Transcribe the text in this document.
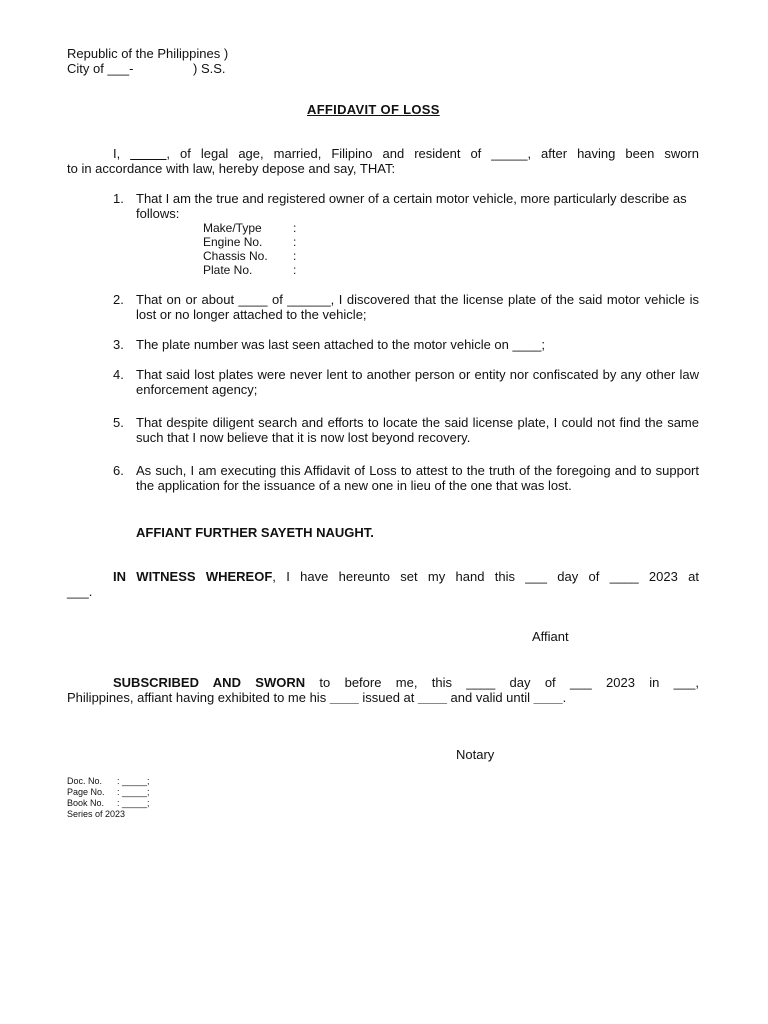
Republic of the Philippines )
City of ___-	) S.S.
AFFIDAVIT OF LOSS
I, _____, of legal age, married, Filipino and resident of _____, after having been sworn
to in accordance with law, hereby depose and say, THAT:
1. That I am the true and registered owner of a certain motor vehicle, more particularly describe as follows:
Make/Type	:
Engine No.	:
Chassis No. :
Plate No.	:
2. That on or about ____ of ______, I discovered that the license plate of the said motor vehicle is lost or no longer attached to the vehicle;
3. The plate number was last seen attached to the motor vehicle on ____;
4. That said lost plates were never lent to another person or entity nor confiscated by any other law enforcement agency;
5. That despite diligent search and efforts to locate the said license plate, I could not find the same such that I now believe that it is now lost beyond recovery.
6. As such, I am executing this Affidavit of Loss to attest to the truth of the foregoing and to support the application for the issuance of a new one in lieu of the one that was lost.
AFFIANT FURTHER SAYETH NAUGHT.
IN WITNESS WHEREOF, I have hereunto set my hand this ___ day of ____ 2023 at
___.
Affiant
SUBSCRIBED AND SWORN to before me, this ____ day of ___ 2023 in ___,
Philippines, affiant having exhibited to me his ____ issued at ____ and valid until ____.
Notary
Doc. No. : _____;
Page No. : _____;
Book No. : _____;
Series of 2023
